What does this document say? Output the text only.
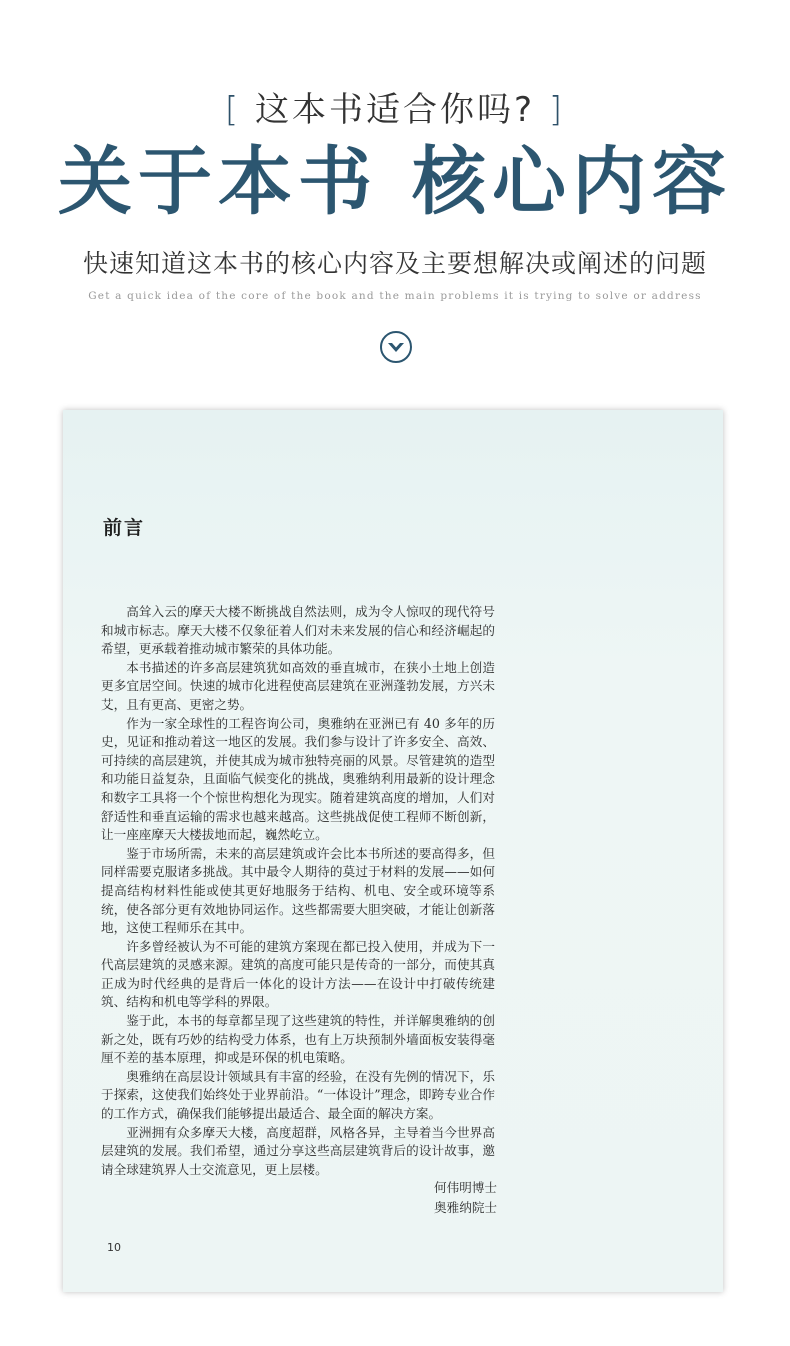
[ 这本书适合你吗? ]
关于本书 核心内容
快速知道这本书的核心内容及主要想解决或阐述的问题
Get a quick idea of the core of the book and the main problems it is trying to solve or address
前言

高耸入云的摩天大楼不断挑战自然法则，成为令人惊叹的现代符号和城市标志。摩天大楼不仅象征着人们对未来发展的信心和经济崛起的希望，更承载着推动城市繁荣的具体功能。

本书描述的许多高层建筑犹如高效的垂直城市，在狭小土地上创造更多宜居空间。快速的城市化进程使高层建筑在亚洲蓬勃发展，方兴未艾，且有更高、更密之势。

作为一家全球性的工程咨询公司，奥雅纳在亚洲已有 40 多年的历史，见证和推动着这一地区的发展。我们参与设计了许多安全、高效、可持续的高层建筑，并使其成为城市独特亮丽的风景。尽管建筑的造型和功能日益复杂，且面临气候变化的挑战，奥雅纳利用最新的设计理念和数字工具将一个个惊世构想化为现实。随着建筑高度的增加，人们对舒适性和垂直运输的需求也越来越高。这些挑战促使工程师不断创新，让一座座摩天大楼拔地而起，巍然屹立。

鉴于市场所需，未来的高层建筑或许会比本书所述的要高得多，但同样需要克服诸多挑战。其中最令人期待的莫过于材料的发展——如何提高结构材料性能或使其更好地服务于结构、机电、安全或环境等系统，使各部分更有效地协同运作。这些都需要大胆突破，才能让创新落地，这使工程师乐在其中。

许多曾经被认为不可能的建筑方案现在都已投入使用，并成为下一代高层建筑的灵感来源。建筑的高度可能只是传奇的一部分，而使其真正成为时代经典的是背后一体化的设计方法——在设计中打破传统建筑、结构和机电等学科的界限。

鉴于此，本书的每章都呈现了这些建筑的特性，并详解奥雅纳的创新之处，既有巧妙的结构受力体系，也有上万块预制外墙面板安装得毫厘不差的基本原理，抑或是环保的机电策略。

奥雅纳在高层设计领域具有丰富的经验，在没有先例的情况下，乐于探索，这使我们始终处于业界前沿。“一体设计”理念，即跨专业合作的工作方式，确保我们能够提出最适合、最全面的解决方案。

亚洲拥有众多摩天大楼，高度超群，风格各异，主导着当今世界高层建筑的发展。我们希望，通过分享这些高层建筑背后的设计故事，邀请全球建筑界人士交流意见，更上层楼。

何伟明博士
奥雅纳院士
10
